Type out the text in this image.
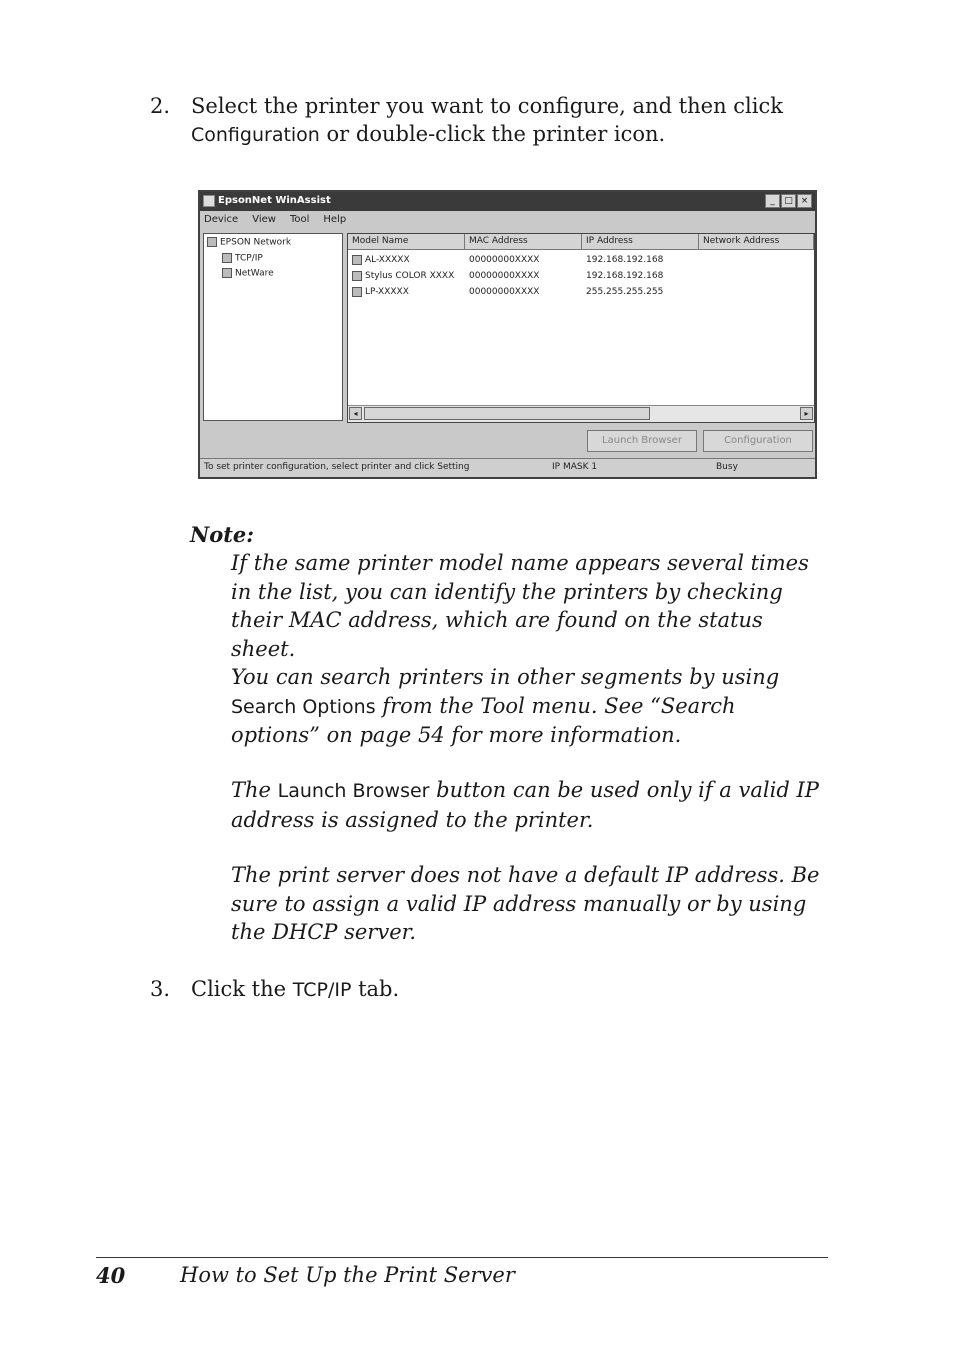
2. Select the printer you want to configure, and then click
Configuration or double-click the printer icon.
EpsonNet WinAssist	_	□ ×
Device View Tool Help
EPSON Network
TCP/IP
NetWare
Model Name	MAC Address	IP Address	Network Address
AL-XXXXX	00000000XXXX	192.168.192.168
Stylus COLOR XXXX	00000000XXXX	192.168.192.168
LP-XXXXX	00000000XXXX	255.255.255.255
◂	▸
Launch Browser	Configuration
To set printer configuration, select printer and click Setting	IP MASK 1	Busy
Note:
If the same printer model name appears several times in the list, you can identify the printers by checking their MAC address, which are found on the status sheet.
You can search printers in other segments by using Search Options from the Tool menu. See “Search options” on page 54 for more information.
The Launch Browser button can be used only if a valid IP address is assigned to the printer.
The print server does not have a default IP address. Be sure to assign a valid IP address manually or by using the DHCP server.
3. Click the TCP/IP tab.
40	How to Set Up the Print Server
